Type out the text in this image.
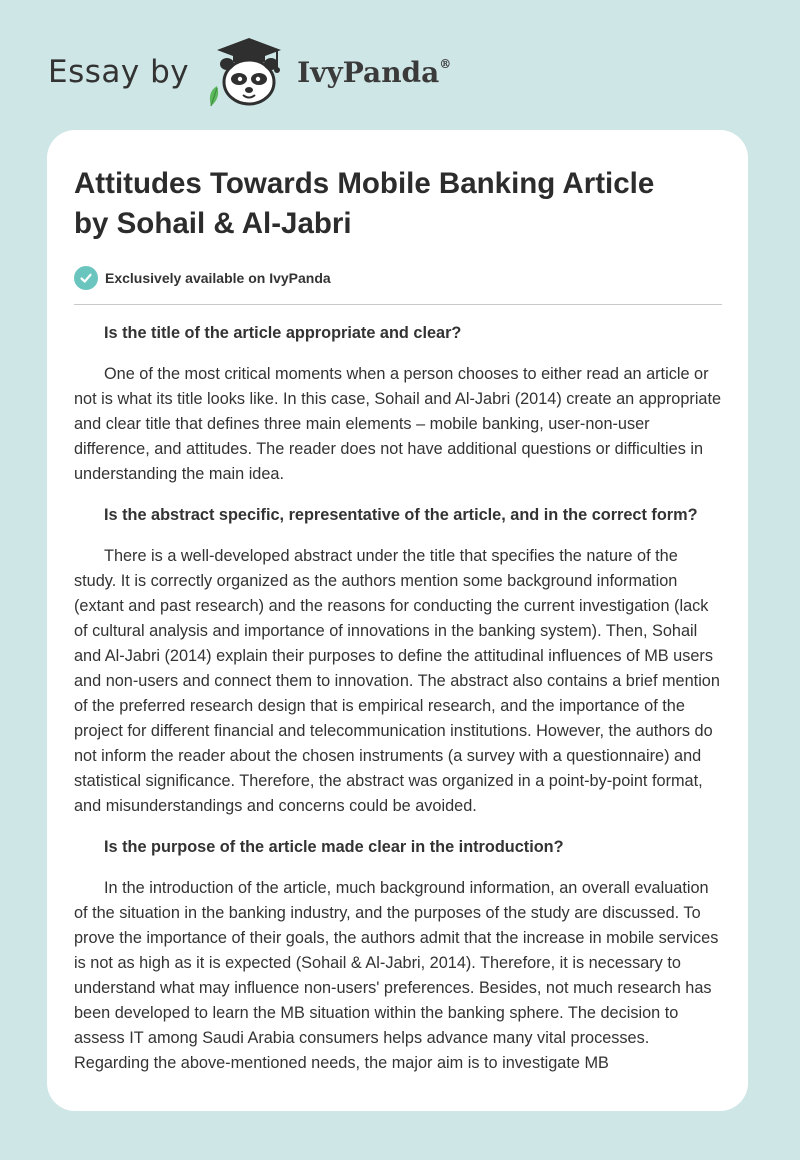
Essay by	IvyPanda®
Attitudes Towards Mobile Banking Article by Sohail & Al-Jabri
Exclusively available on IvyPanda

Is the title of the article appropriate and clear?

One of the most critical moments when a person chooses to either read an article or not is what its title looks like. In this case, Sohail and Al-Jabri (2014) create an appropriate and clear title that defines three main elements – mobile banking, user-non-user difference, and attitudes. The reader does not have additional questions or difficulties in understanding the main idea.

Is the abstract specific, representative of the article, and in the correct form?

There is a well-developed abstract under the title that specifies the nature of the study. It is correctly organized as the authors mention some background information (extant and past research) and the reasons for conducting the current investigation (lack of cultural analysis and importance of innovations in the banking system). Then, Sohail and Al-Jabri (2014) explain their purposes to define the attitudinal influences of MB users and non-users and connect them to innovation. The abstract also contains a brief mention of the preferred research design that is empirical research, and the importance of the project for different financial and telecommunication institutions. However, the authors do not inform the reader about the chosen instruments (a survey with a questionnaire) and statistical significance. Therefore, the abstract was organized in a point-by-point format, and misunderstandings and concerns could be avoided.

Is the purpose of the article made clear in the introduction?

In the introduction of the article, much background information, an overall evaluation of the situation in the banking industry, and the purposes of the study are discussed. To prove the importance of their goals, the authors admit that the increase in mobile services is not as high as it is expected (Sohail & Al-Jabri, 2014). Therefore, it is necessary to understand what may influence non-users' preferences. Besides, not much research has been developed to learn the MB situation within the banking sphere. The decision to assess IT among Saudi Arabia consumers helps advance many vital processes. Regarding the above-mentioned needs, the major aim is to investigate MB
